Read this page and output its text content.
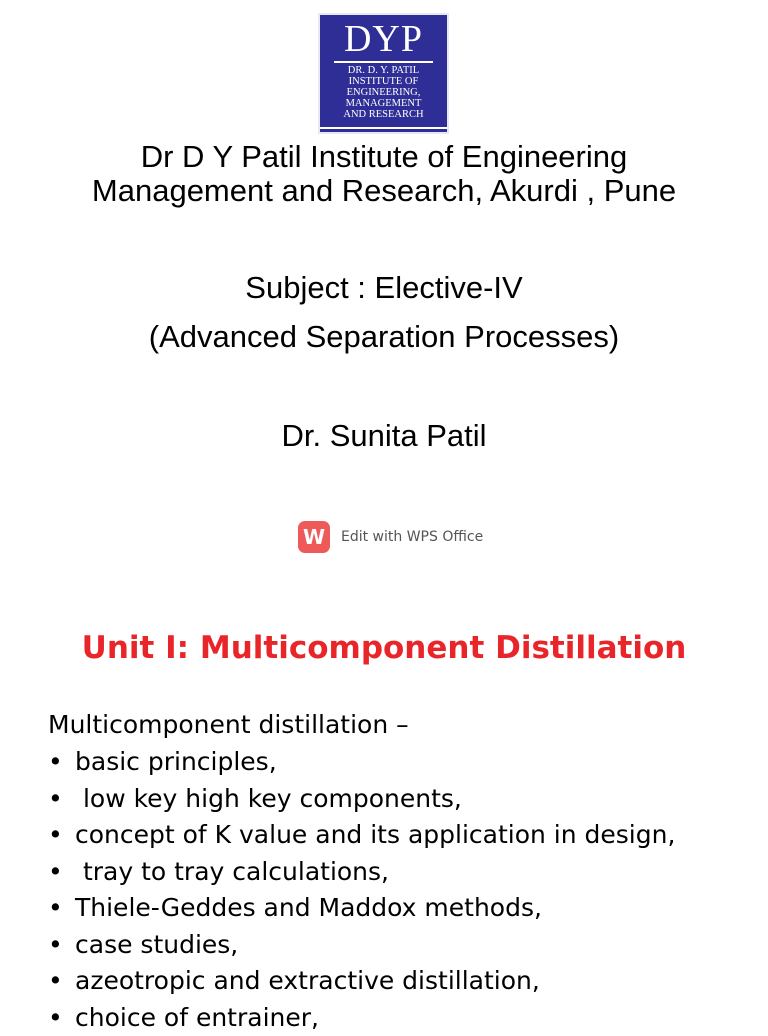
DYP
DR. D. Y. PATIL
INSTITUTE OF
ENGINEERING,
MANAGEMENT
AND RESEARCH
Dr D Y Patil Institute of Engineering
Management and Research, Akurdi , Pune
Subject : Elective-IV
(Advanced Separation Processes)
Dr. Sunita Patil
W	Edit with WPS Office
Unit I: Multicomponent Distillation
Multicomponent distillation –
• basic principles,
• low key high key components,
• concept of K value and its application in design,
• tray to tray calculations,
• Thiele-Geddes and Maddox methods,
• case studies,
• azeotropic and extractive distillation,
• choice of entrainer,
